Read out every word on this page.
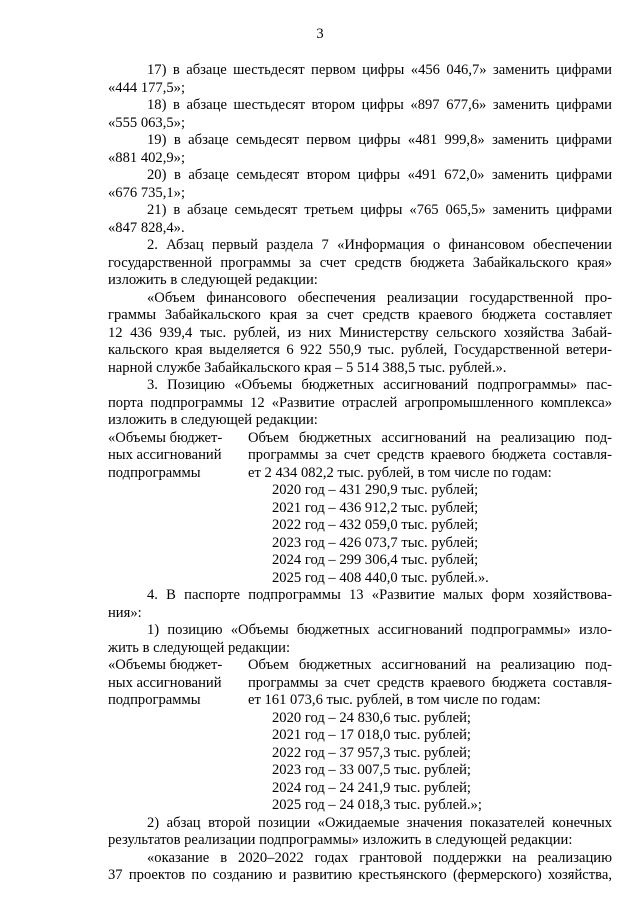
3
17) в абзаце шестьдесят первом цифры «456 046,7» заменить цифрами
«444 177,5»;
18) в абзаце шестьдесят втором цифры «897 677,6» заменить цифрами
«555 063,5»;
19) в абзаце семьдесят первом цифры «481 999,8» заменить цифрами
«881 402,9»;
20) в абзаце семьдесят втором цифры «491 672,0» заменить цифрами
«676 735,1»;
21) в абзаце семьдесят третьем цифры «765 065,5» заменить цифрами
«847 828,4».
2. Абзац первый раздела 7 «Информация о финансовом обеспечении
государственной программы за счет средств бюджета Забайкальского края»
изложить в следующей редакции:
«Объем финансового обеспечения реализации государственной про-
граммы Забайкальского края за счет средств краевого бюджета составляет
12 436 939,4 тыс. рублей, из них Министерству сельского хозяйства Забай-
кальского края выделяется 6 922 550,9 тыс. рублей, Государственной ветери-
нарной службе Забайкальского края – 5 514 388,5 тыс. рублей.».
3. Позицию «Объемы бюджетных ассигнований подпрограммы» пас-
порта подпрограммы 12 «Развитие отраслей агропромышленного комплекса»
изложить в следующей редакции:
«Объемы бюджет-
ных ассигнований
подпрограммы
Объем бюджетных ассигнований на реализацию под-
программы за счет средств краевого бюджета составля-
ет 2 434 082,2 тыс. рублей, в том числе по годам:
2020 год – 431 290,9 тыс. рублей;
2021 год – 436 912,2 тыс. рублей;
2022 год – 432 059,0 тыс. рублей;
2023 год – 426 073,7 тыс. рублей;
2024 год – 299 306,4 тыс. рублей;
2025 год – 408 440,0 тыс. рублей.».
4. В паспорте подпрограммы 13 «Развитие малых форм хозяйствова-
ния»:
1) позицию «Объемы бюджетных ассигнований подпрограммы» изло-
жить в следующей редакции:
«Объемы бюджет-
ных ассигнований
подпрограммы
Объем бюджетных ассигнований на реализацию под-
программы за счет средств краевого бюджета составля-
ет 161 073,6 тыс. рублей, в том числе по годам:
2020 год – 24 830,6 тыс. рублей;
2021 год – 17 018,0 тыс. рублей;
2022 год – 37 957,3 тыс. рублей;
2023 год – 33 007,5 тыс. рублей;
2024 год – 24 241,9 тыс. рублей;
2025 год – 24 018,3 тыс. рублей.»;
2) абзац второй позиции «Ожидаемые значения показателей конечных
результатов реализации подпрограммы» изложить в следующей редакции:
«оказание в 2020–2022 годах грантовой поддержки на реализацию
37 проектов по созданию и развитию крестьянского (фермерского) хозяйства,
